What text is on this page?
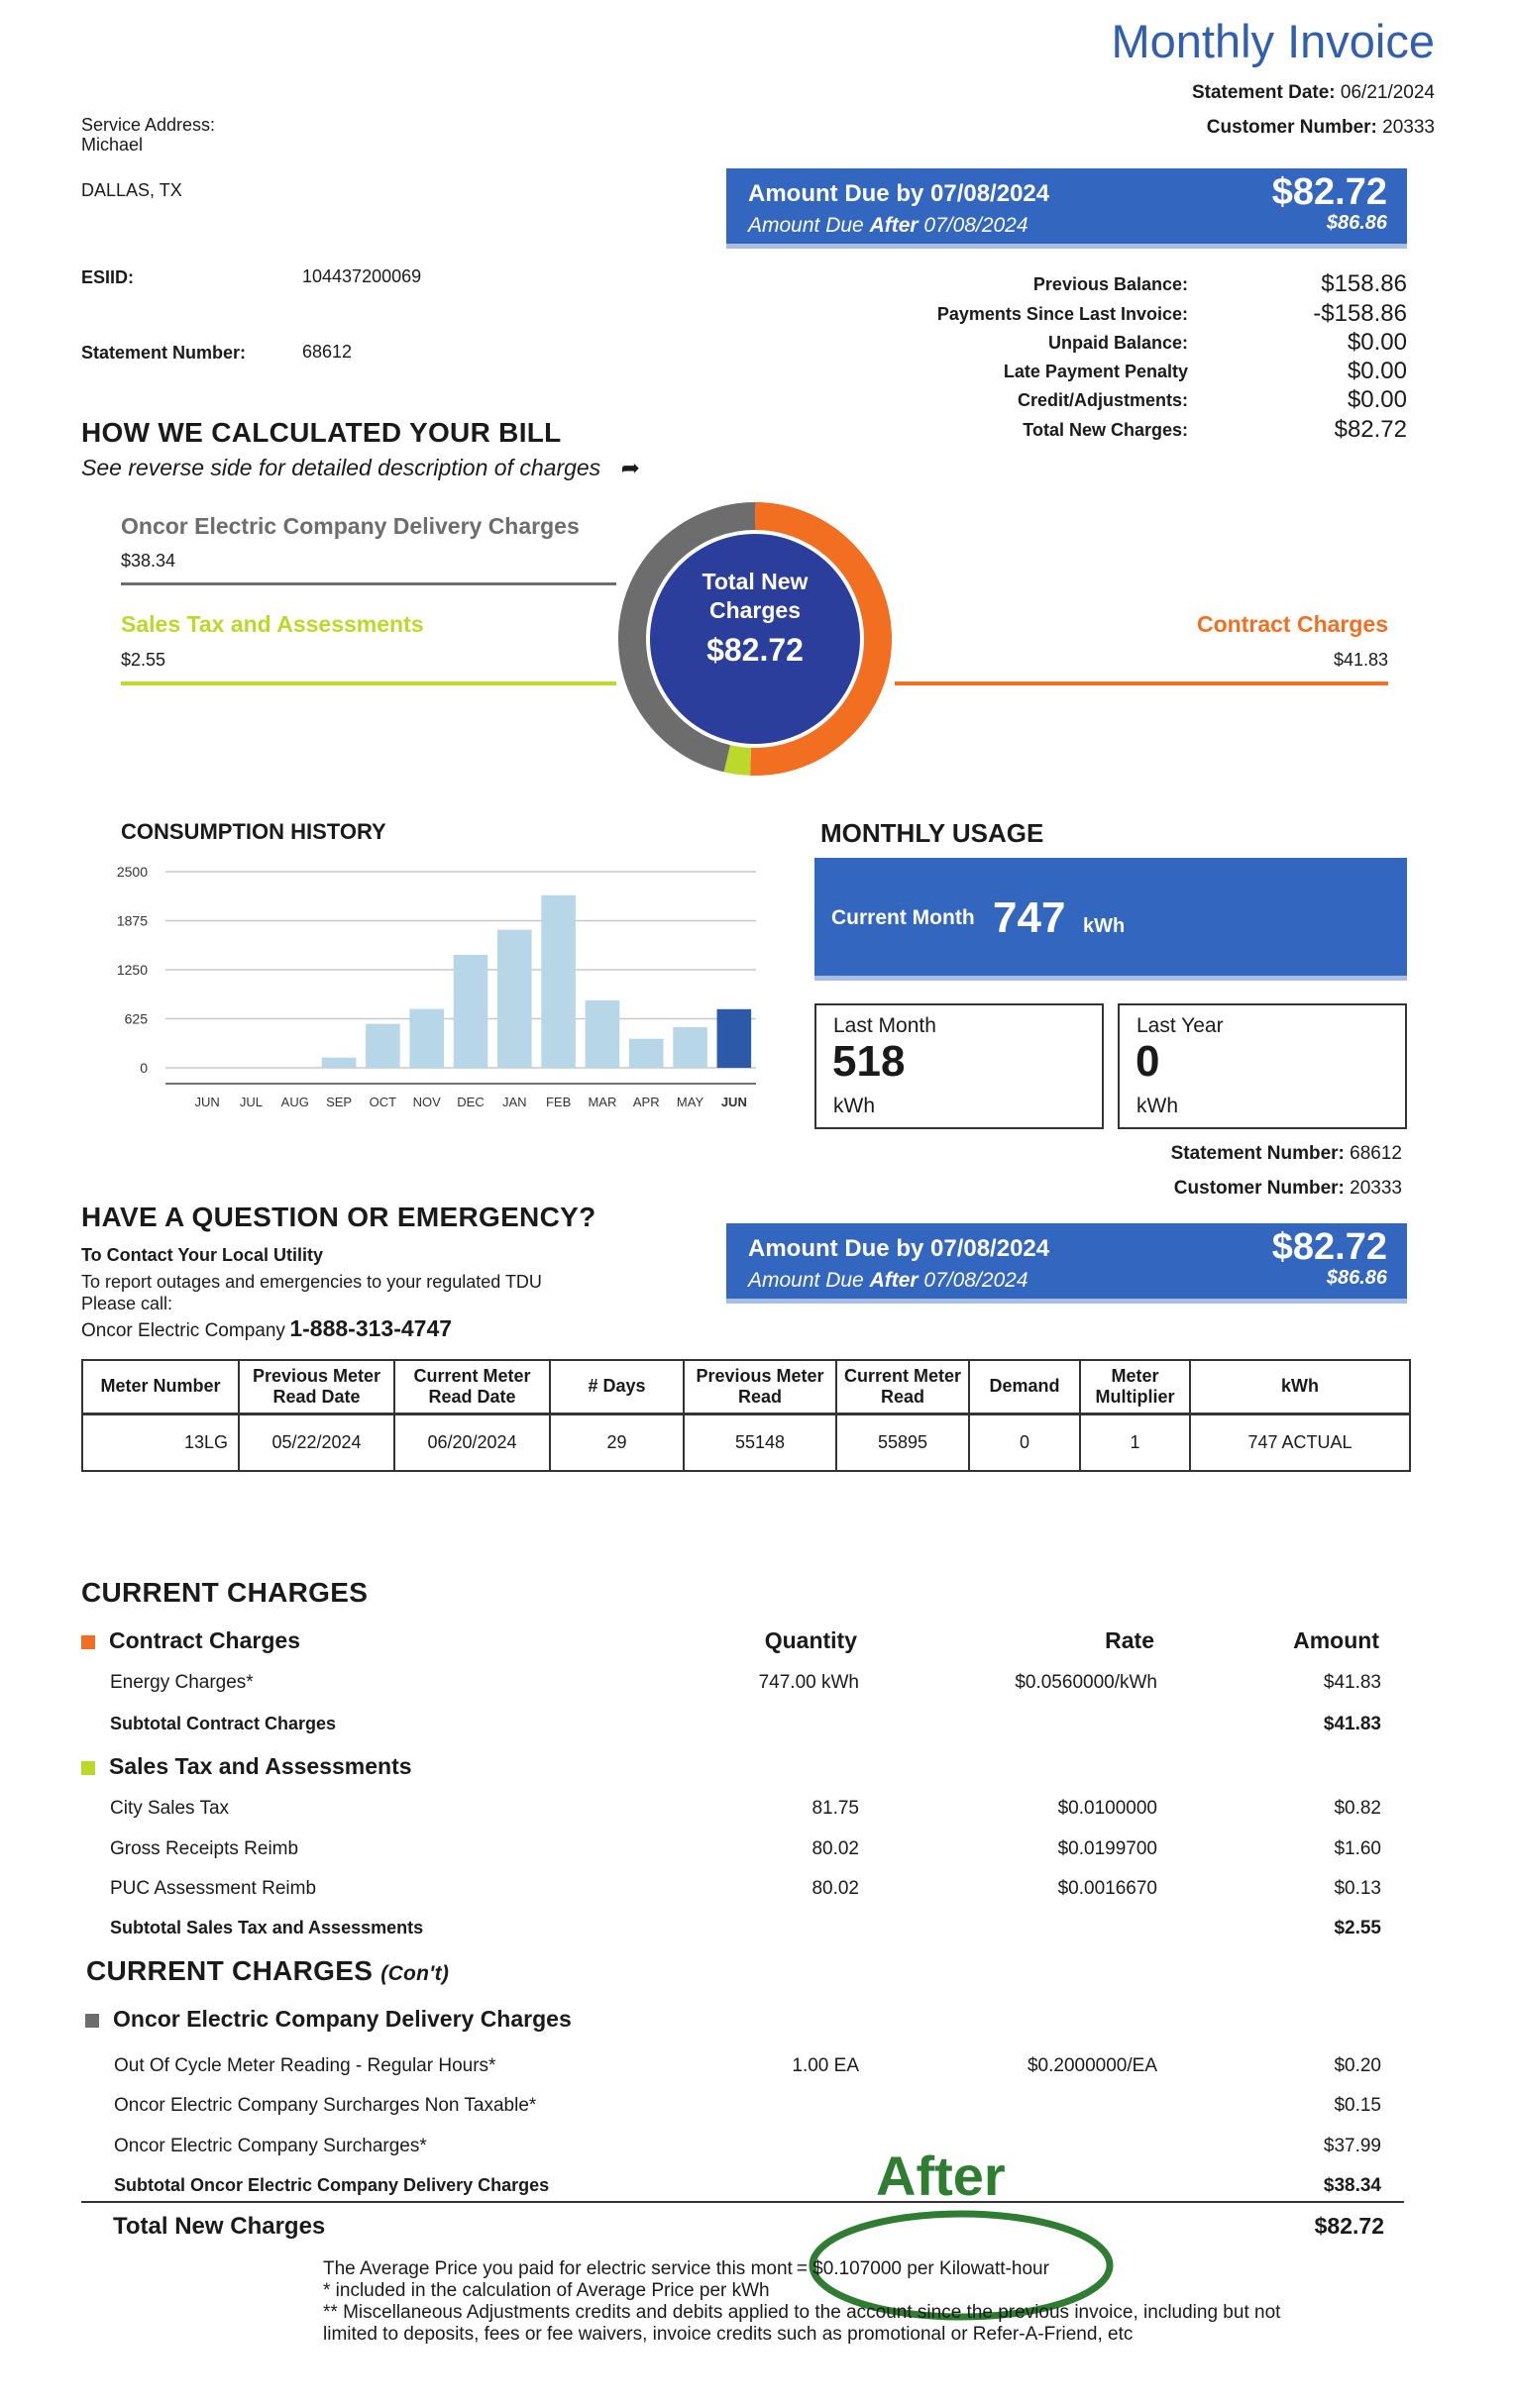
Monthly Invoice
Statement Date: 06/21/2024
Customer Number: 20333
Service Address:
Michael
DALLAS, TX
ESIID:	104437200069
Statement Number:	68612
Amount Due by 07/08/2024	$82.72
Amount Due After 07/08/2024	$86.86
Previous Balance:	$158.86
Payments Since Last Invoice:	-$158.86
Unpaid Balance:	$0.00
Late Payment Penalty	$0.00
Credit/Adjustments:	$0.00
Total New Charges:	$82.72
HOW WE CALCULATED YOUR BILL
See reverse side for detailed description of charges ➦
Oncor Electric Company Delivery Charges
$38.34
Sales Tax and Assessments
$2.55
Contract Charges
$41.83
Total New
Charges
$82.72
CONSUMPTION HISTORY
2500
1875
1250
625
0
JUN JUL AUG SEP OCT NOV DEC JAN FEB MAR APR MAY JUN
MONTHLY USAGE
Current Month 747 kWh
Last Month
518
kWh
Last Year
0
kWh
Statement Number: 68612
Customer Number: 20333
HAVE A QUESTION OR EMERGENCY?
To Contact Your Local Utility
To report outages and emergencies to your regulated TDU
Please call:
Oncor Electric Company 1-888-313-4747
Amount Due by 07/08/2024	$82.72
Amount Due After 07/08/2024	$86.86
Meter Number	Previous Meter Read Date	Current Meter Read Date	# Days	Previous Meter Read	Current Meter Read	Demand	Meter Multiplier	kWh
13LG	05/22/2024	06/20/2024	29	55148	55895	0	1	747 ACTUAL
CURRENT CHARGES
Contract Charges	Quantity	Rate	Amount
Energy Charges*	747.00 kWh	$0.0560000/kWh	$41.83
Subtotal Contract Charges	$41.83
City Sales Tax	81.75	$0.0100000	$0.82
Gross Receipts Reimb	80.02	$0.0199700	$1.60
PUC Assessment Reimb	80.02	$0.0016670	$0.13
Subtotal Sales Tax and Assessments	$2.55
Out Of Cycle Meter Reading - Regular Hours*	1.00 EA	$0.2000000/EA	$0.20
Oncor Electric Company Surcharges Non Taxable*	$0.15
Oncor Electric Company Surcharges*	$37.99
Subtotal Oncor Electric Company Delivery Charges	$38.34
CURRENT CHARGES (Con't)
Sales Tax and Assessments
Oncor Electric Company Delivery Charges
Total New Charges	$82.72
After
The Average Price you paid for electric service this mont = $0.107000 per Kilowatt-hour
* included in the calculation of Average Price per kWh
** Miscellaneous Adjustments credits and debits applied to the account since the previous invoice, including but not
limited to deposits, fees or fee waivers, invoice credits such as promotional or Refer-A-Friend, etc
